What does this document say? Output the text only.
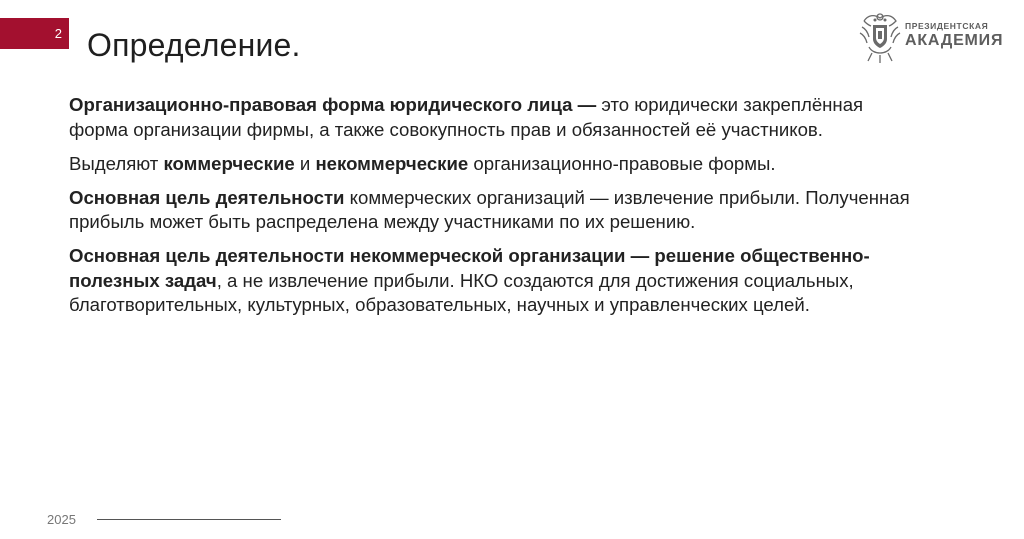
2 Определение.
ПРЕЗИДЕНТСКАЯ
АКАДЕМИЯ

Организационно-правовая форма юридического лица — это юридически закреплённая форма организации фирмы, а также совокупность прав и обязанностей её участников.

Выделяют коммерческие и некоммерческие организационно-правовые формы.

Основная цель деятельности коммерческих организаций — извлечение прибыли. Полученная прибыль может быть распределена между участниками по их решению.

Основная цель деятельности некоммерческой организации — решение общественно-полезных задач, а не извлечение прибыли. НКО создаются для достижения социальных, благотворительных, культурных, образовательных, научных и управленческих целей.

2025
